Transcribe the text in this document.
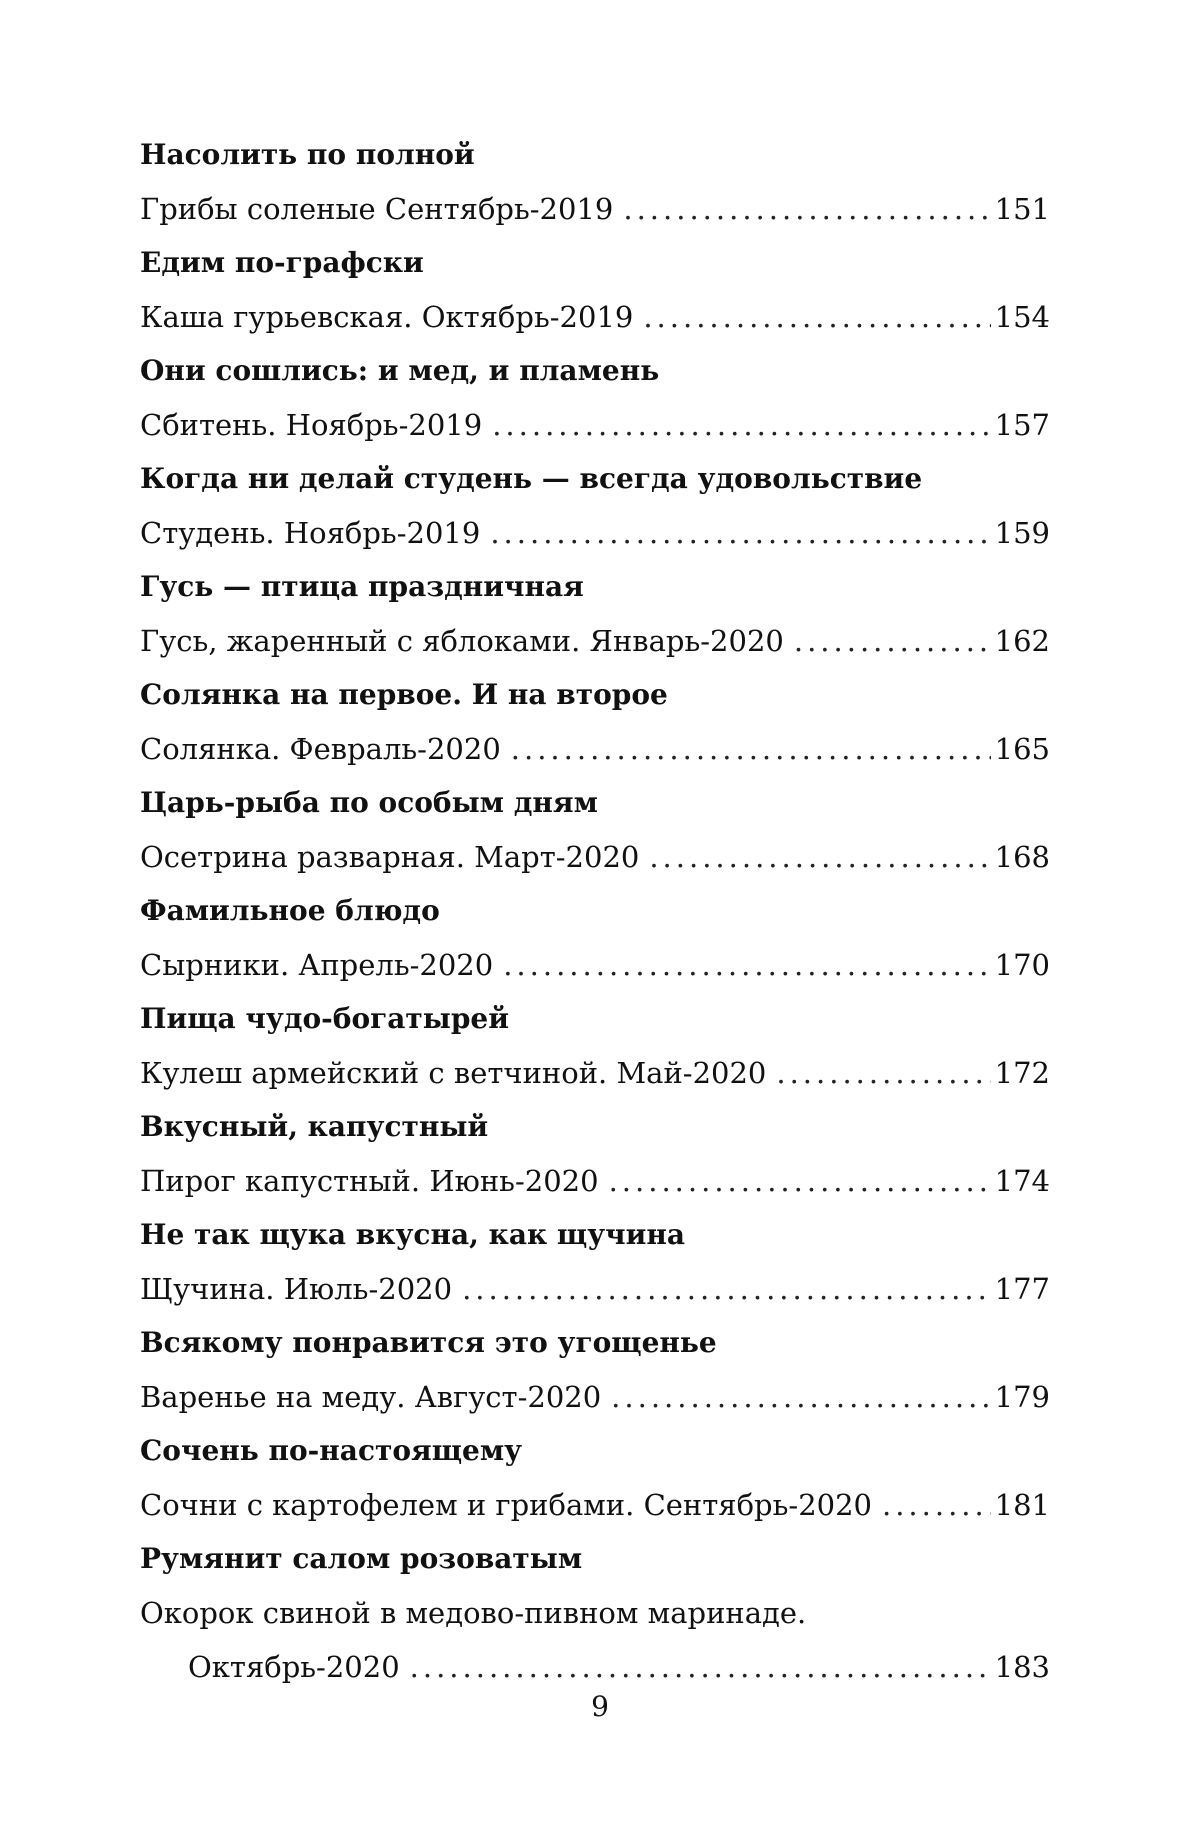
Насолить по полной
Грибы соленые Сентябрь-2019 .....	151
Едим по-графски
Каша гурьевская. Октябрь-2019 .....	154
Они сошлись: и мед, и пламень
Сбитень. Ноябрь-2019 .....	157
Когда ни делай студень — всегда удовольствие
Студень. Ноябрь-2019 .....	159
Гусь — птица праздничная
Гусь, жаренный с яблоками. Январь-2020 .....	162
Солянка на первое. И на второе
Солянка. Февраль-2020 .....	165
Царь-рыба по особым дням
Осетрина разварная. Март-2020 .....	168
Фамильное блюдо
Сырники. Апрель-2020 .....	170
Пища чудо-богатырей
Кулеш армейский с ветчиной. Май-2020 .....	172
Вкусный, капустный
Пирог капустный. Июнь-2020 .....	174
Не так щука вкусна, как щучина
Щучина. Июль-2020 .....	177
Всякому понравится это угощенье
Варенье на меду. Август-2020 .....	179
Сочень по-настоящему
Сочни с картофелем и грибами. Сентябрь-2020 .....	181
Румянит салом розоватым
Окорок свиной в медово-пивном маринаде.
Октябрь-2020 .....	183
9
